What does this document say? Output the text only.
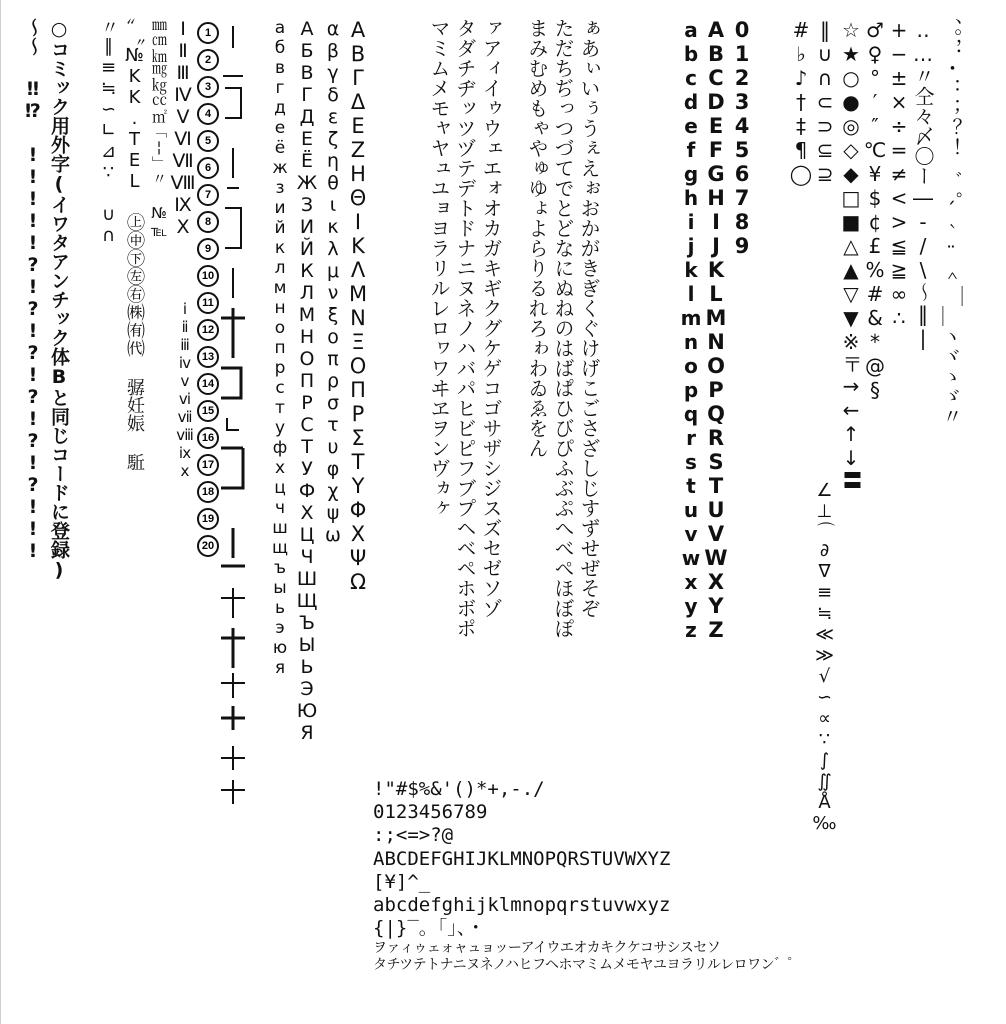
〜〜 ‼⁉︎ !!!!!?!?!?!?!?!?!!! ○コミック用外字(イワタアンチック体Bと同じコードに登録) 〃∥≡≒∽∟⊿∵ ∪∩ 〟〝№KK.TEL ㊤㊥㊦㊧㊨㈱㈲㈹ 骣妊娠 駈 ㎜㎝㎞㎎㎏㏄㎡「¦」〃 №℡ ⅠⅡⅢⅣⅤⅥⅦⅧⅨⅩ
ⅰⅱⅲⅳⅴⅵⅶⅷⅸⅹ
1
2
3
4
5
6
7
8
9
10
11
12
13
14
15
16
17
18
19
20	абвгдеёжзийклмнопрстуфхцчшщъыьэюя АБВГДЕЁЖЗИЙКЛМНОПРСТУФХЦЧШЩЪЫЬЭЮЯ αβγδεζηθικλμνξοπρστυφχψω ΑΒΓΔΕΖΗΘΙΚΛΜΝΞΟΠΡΣΤΥΦΧΨΩ	マミムメモャヤュユョヨラリルレロヮワヰヱヲンヴヵヶ タダチヂッツヅテデトドナニヌネノハバパヒビピフブプヘベペホボポ ァアィイゥウェエォオカガキギクグケゲコゴサザシジスズセゼソゾ まみむめもゃやゅゆょよらりるれろゎわゐゑをん ただちぢっつづてでとどなにぬねのはばぱひびぴふぶぷへべぺほぼぽ ぁあぃいぅうぇえぉおかがきぎくぐけげこごさざしじすずせぜそぞ	abcdefghijklmnopqrstuvwxyz ABCDEFGHIJKLMNOPQRSTUVWXYZ 0123456789 #♭♪†‡¶◯ ‖∪∩⊂⊃⊆⊇
∠⊥⌒∂∇≡≒≪≫√∽∝∵∫∬Å‰
☆★○●◎◇◆□■△▲▽▼※〒→←↑↓〓 ♂♀°′″℃¥$¢£%#&*@§ +−±×÷=≠<>≦≧∞∴ ‥…〃仝々〆〇ー―‐/\〜‖| 、。，．・：；？！゛゜´｀¨＾￣＿ヽヾゝゞ〃
!"#$%&'()*+,-./
0123456789
:;<=>?@
ABCDEFGHIJKLMNOPQRSTUVWXYZ
[¥]^_
abcdefghijklmnopqrstuvwxyz
{|}‾。「」、・
ヲァィゥェォャュョッーアイウエオカキクケコサシスセソ
タチツテトナニヌネノハヒフヘホマミムメモヤユヨラリルレロワン゛゜
